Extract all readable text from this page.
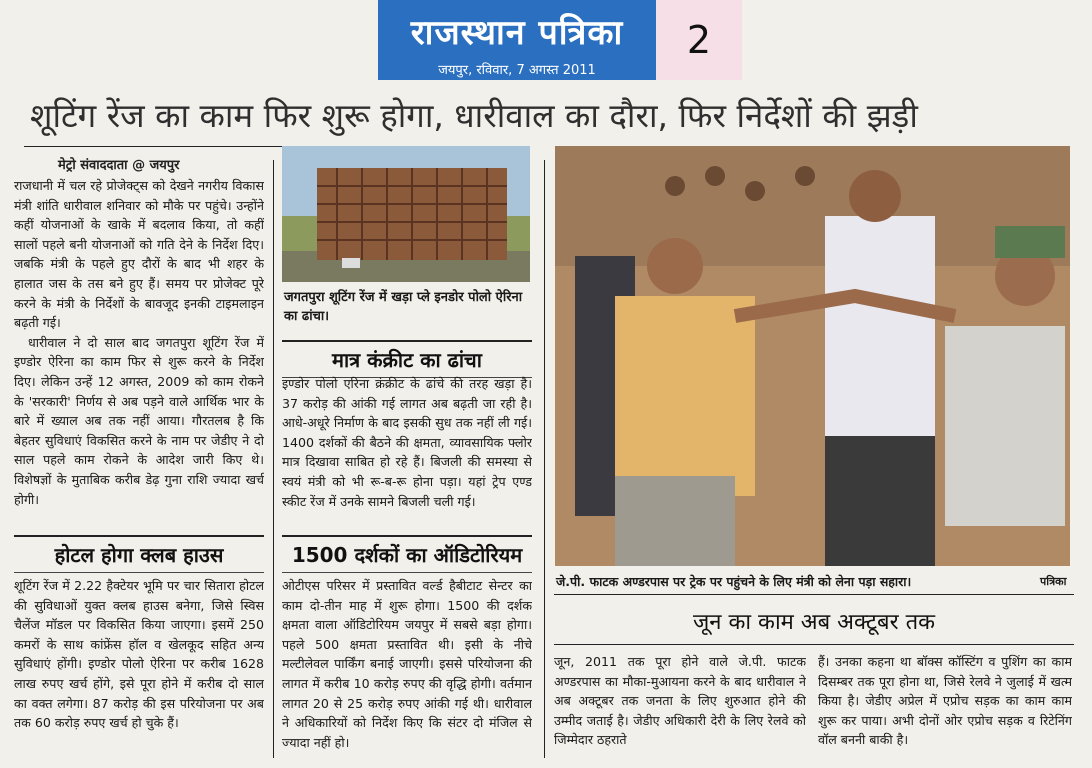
राजस्थान पत्रिका
जयपुर, रविवार, 7 अगस्त 2011
2
शूटिंग रेंज का काम फिर शुरू होगा, धारीवाल का दौरा, फिर निर्देशों की झड़ी
मेट्रो संवाददाता @ जयपुर

राजधानी में चल रहे प्रोजेक्ट्स को देखने नगरीय विकास मंत्री शांति धारीवाल शनिवार को मौके पर पहुंचे। उन्होंने कहीं योजनाओं के खाके में बदलाव किया, तो कहीं सालों पहले बनी योजनाओं को गति देने के निर्देश दिए। जबकि मंत्री के पहले हुए दौरों के बाद भी शहर के हालात जस के तस बने हुए हैं। समय पर प्रोजेक्ट पूरे करने के मंत्री के निर्देशों के बावजूद इनकी टाइमलाइन बढ़ती गई।

धारीवाल ने दो साल बाद जगतपुरा शूटिंग रेंज में इण्डोर ऐरिना का काम फिर से शुरू करने के निर्देश दिए। लेकिन उन्हें 12 अगस्त, 2009 को काम रोकने के 'सरकारी' निर्णय से अब पड़ने वाले आर्थिक भार के बारे में ख्याल अब तक नहीं आया। गौरतलब है कि बेहतर सुविधाएं विकसित करने के नाम पर जेडीए ने दो साल पहले काम रोकने के आदेश जारी किए थे। विशेषज्ञों के मुताबिक करीब डेढ़ गुना राशि ज्यादा खर्च होगी।

होटल होगा क्लब हाउस

शूटिंग रेंज में 2.22 हैक्टेयर भूमि पर चार सितारा होटल की सुविधाओं युक्त क्लब हाउस बनेगा, जिसे स्विस चैलेंज मॉडल पर विकसित किया जाएगा। इसमें 250 कमरों के साथ कांफ्रेंस हॉल व खेलकूद सहित अन्य सुविधाएं होंगी। इण्डोर पोलो ऐरिना पर करीब 1628 लाख रुपए खर्च होंगे, इसे पूरा होने में करीब दो साल का वक्त लगेगा। 87 करोड़ की इस परियोजना पर अब तक 60 करोड़ रुपए खर्च हो चुके हैं।

जगतपुरा शूटिंग रेंज में खड़ा प्ले इनडोर पोलो ऐरिना का ढांचा।
मात्र कंक्रीट का ढांचा

इण्डोर पोलो एरिना क्रंक्रीट के ढांचे की तरह खड़ा है। 37 करोड़ की आंकी गई लागत अब बढ़ती जा रही है। आधे-अधूरे निर्माण के बाद इसकी सुध तक नहीं ली गई। 1400 दर्शकों की बैठने की क्षमता, व्यावसायिक फ्लोर मात्र दिखावा साबित हो रहे हैं। बिजली की समस्या से स्वयं मंत्री को भी रू-ब-रू होना पड़ा। यहां ट्रेप एण्ड स्कीट रेंज में उनके सामने बिजली चली गई।

1500 दर्शकों का ऑडिटोरियम

ओटीएस परिसर में प्रस्तावित वर्ल्ड हैबीटाट सेन्टर का काम दो-तीन माह में शुरू होगा। 1500 की दर्शक क्षमता वाला ऑडिटोरियम जयपुर में सबसे बड़ा होगा। पहले 500 क्षमता प्रस्तावित थी। इसी के नीचे मल्टीलेवल पार्किंग बनाई जाएगी। इससे परियोजना की लागत में करीब 10 करोड़ रुपए की वृद्धि होगी। वर्तमान लागत 20 से 25 करोड़ रुपए आंकी गई थी। धारीवाल ने अधिकारियों को निर्देश किए कि संटर दो मंजिल से ज्यादा नहीं हो।

जे.पी. फाटक अण्डरपास पर ट्रेक पर पहुंचने के लिए मंत्री को लेना पड़ा सहारा।	पत्रिका
जून का काम अब अक्टूबर तक

जून, 2011 तक पूरा होने वाले जे.पी. फाटक अण्डरपास का मौका-मुआयना करने के बाद धारीवाल ने अब अक्टूबर तक जनता के लिए शुरुआत होने की उम्मीद जताई है। जेडीए अधिकारी देरी के लिए रेलवे को जिम्मेदार ठहराते

हैं। उनका कहना था बॉक्स कॉस्टिंग व पुशिंग का काम दिसम्बर तक पूरा होना था, जिसे रेलवे ने जुलाई में खत्म किया है। जेडीए अप्रेल में एप्रोच सड़क का काम काम शुरू कर पाया। अभी दोनों ओर एप्रोच सड़क व रिटेनिंग वॉल बननी बाकी है।
